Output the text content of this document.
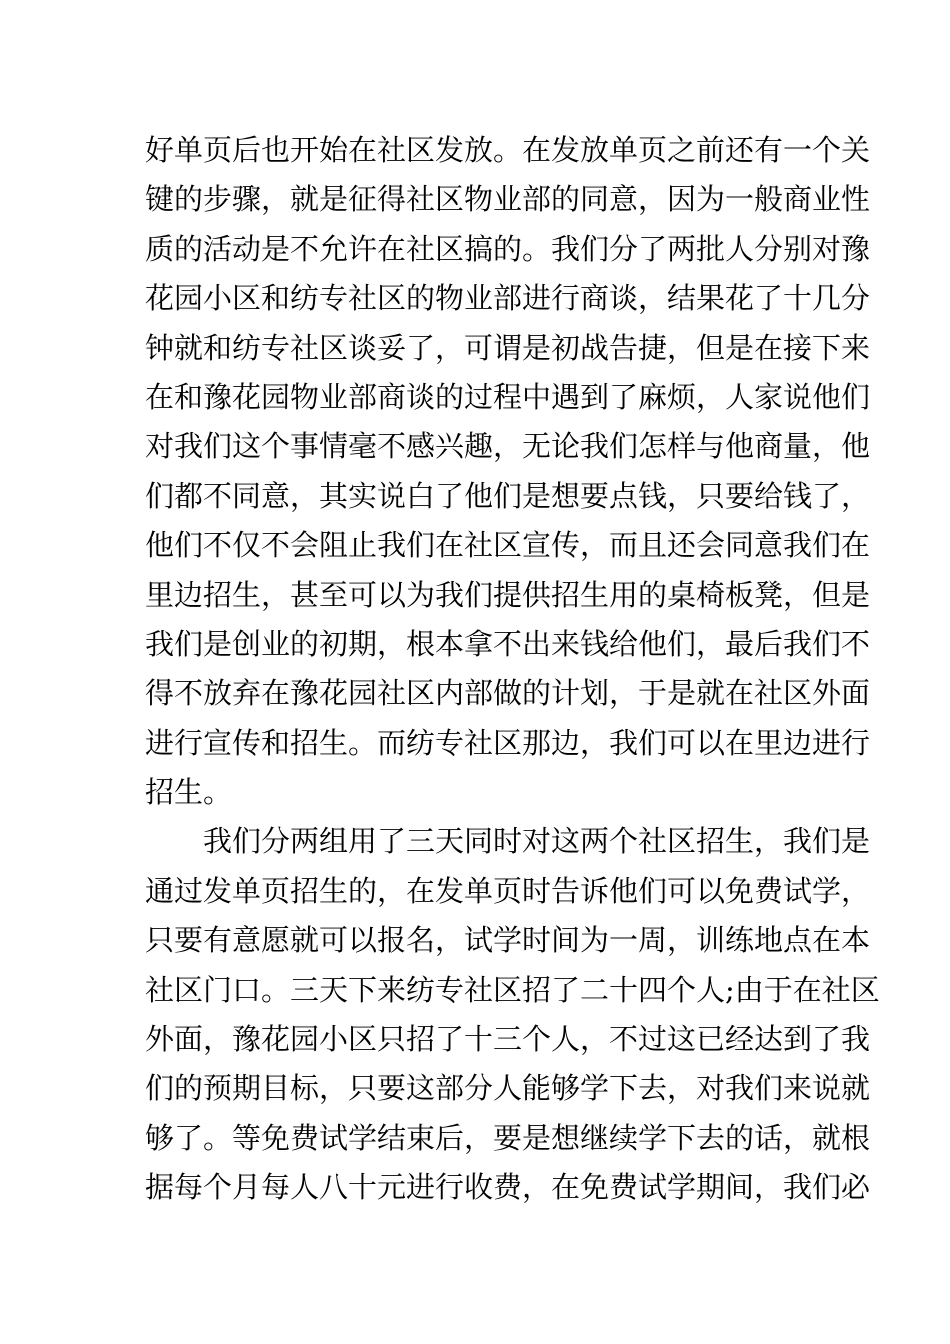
好单页后也开始在社区发放。在发放单页之前还有一个关
键的步骤，就是征得社区物业部的同意，因为一般商业性
质的活动是不允许在社区搞的。我们分了两批人分别对豫
花园小区和纺专社区的物业部进行商谈，结果花了十几分
钟就和纺专社区谈妥了，可谓是初战告捷，但是在接下来
在和豫花园物业部商谈的过程中遇到了麻烦，人家说他们
对我们这个事情毫不感兴趣，无论我们怎样与他商量，他
们都不同意，其实说白了他们是想要点钱，只要给钱了，
他们不仅不会阻止我们在社区宣传，而且还会同意我们在
里边招生，甚至可以为我们提供招生用的桌椅板凳，但是
我们是创业的初期，根本拿不出来钱给他们，最后我们不
得不放弃在豫花园社区内部做的计划，于是就在社区外面
进行宣传和招生。而纺专社区那边，我们可以在里边进行
招生。
我们分两组用了三天同时对这两个社区招生，我们是
通过发单页招生的，在发单页时告诉他们可以免费试学，
只要有意愿就可以报名，试学时间为一周，训练地点在本
社区门口。三天下来纺专社区招了二十四个人;由于在社区
外面，豫花园小区只招了十三个人，不过这已经达到了我
们的预期目标，只要这部分人能够学下去，对我们来说就
够了。等免费试学结束后，要是想继续学下去的话，就根
据每个月每人八十元进行收费，在免费试学期间，我们必
